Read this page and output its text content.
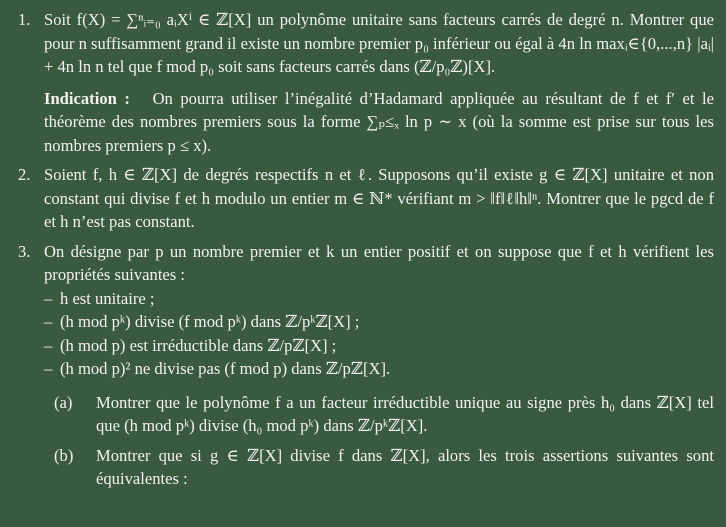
1. Soit f(X) = ∑ⁿᵢ₌₀ aᵢXⁱ ∈ ℤ[X] un polynôme unitaire sans facteurs carrés de degré n. Montrer que pour n suffisamment grand il existe un nombre premier p₀ inférieur ou égal à 4n ln maxᵢ∈{0,...,n} |aᵢ| + 4n ln n tel que f mod p₀ soit sans facteurs carrés dans (ℤ/p₀ℤ)[X].
Indication : On pourra utiliser l’inégalité d’Hadamard appliquée au résultant de f et f′ et le théorème des nombres premiers sous la forme ∑ₚ≤ₓ ln p ∼ x (où la somme est prise sur tous les nombres premiers p ≤ x).
2. Soient f, h ∈ ℤ[X] de degrés respectifs n et ℓ. Supposons qu’il existe g ∈ ℤ[X] unitaire et non constant qui divise f et h modulo un entier m ∈ ℕ* vérifiant m > ‖f‖ℓ‖h‖ⁿ. Montrer que le pgcd de f et h n’est pas constant.
3. On désigne par p un nombre premier et k un entier positif et on suppose que f et h vérifient les propriétés suivantes :
– h est unitaire ;
– (h mod pᵏ) divise (f mod pᵏ) dans ℤ/pᵏℤ[X] ;
– (h mod p) est irréductible dans ℤ/pℤ[X] ;
– (h mod p)² ne divise pas (f mod p) dans ℤ/pℤ[X].
(a) Montrer que le polynôme f a un facteur irréductible unique au signe près h₀ dans ℤ[X] tel que (h mod pᵏ) divise (h₀ mod pᵏ) dans ℤ/pᵏℤ[X].
(b) Montrer que si g ∈ ℤ[X] divise f dans ℤ[X], alors les trois assertions suivantes sont équivalentes :
